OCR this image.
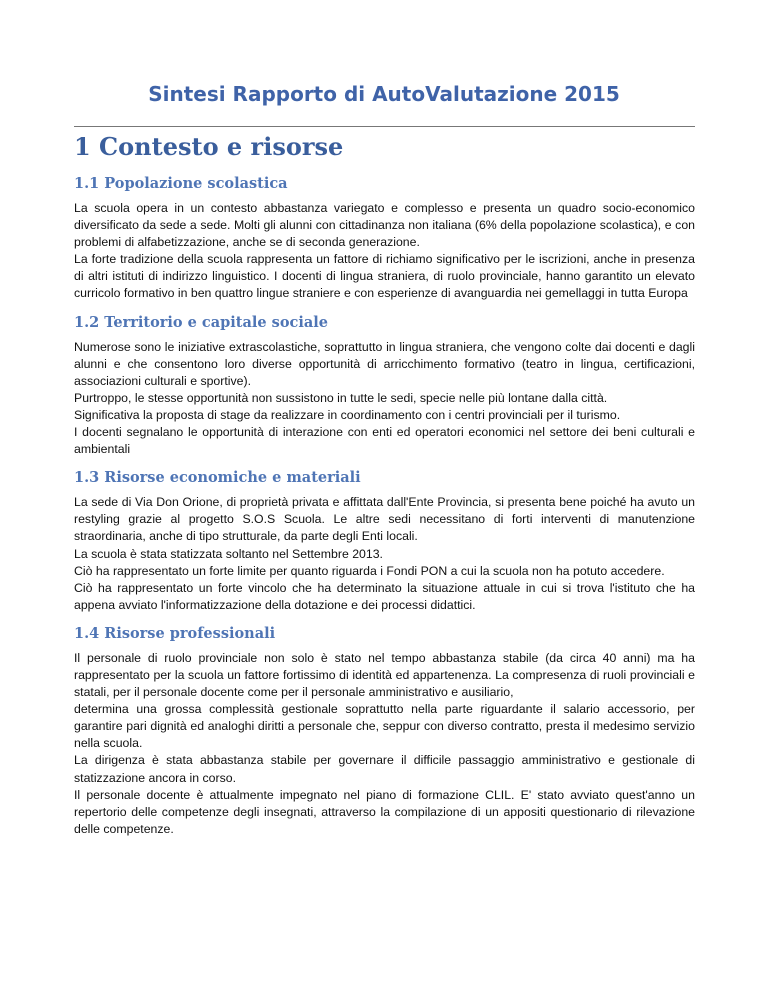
Sintesi Rapporto di AutoValutazione 2015
1 Contesto e risorse
1.1 Popolazione scolastica

La scuola opera in un contesto abbastanza variegato e complesso e presenta un quadro socio-economico diversificato da sede a sede. Molti gli alunni con cittadinanza non italiana (6% della popolazione scolastica), e con problemi di alfabetizzazione, anche se di seconda generazione.

La forte tradizione della scuola rappresenta un fattore di richiamo significativo per le iscrizioni, anche in presenza di altri istituti di indirizzo linguistico. I docenti di lingua straniera, di ruolo provinciale, hanno garantito un elevato curricolo formativo in ben quattro lingue straniere e con esperienze di avanguardia nei gemellaggi in tutta Europa

1.2 Territorio e capitale sociale

Numerose sono le iniziative extrascolastiche, soprattutto in lingua straniera, che vengono colte dai docenti e dagli alunni e che consentono loro diverse opportunità di arricchimento formativo (teatro in lingua, certificazioni, associazioni culturali e sportive).

Purtroppo, le stesse opportunità non sussistono in tutte le sedi, specie nelle più lontane dalla città.

Significativa la proposta di stage da realizzare in coordinamento con i centri provinciali per il turismo.

I docenti segnalano le opportunità di interazione con enti ed operatori economici nel settore dei beni culturali e ambientali

1.3 Risorse economiche e materiali

La sede di Via Don Orione, di proprietà privata e affittata dall'Ente Provincia, si presenta bene poiché ha avuto un restyling grazie al progetto S.O.S Scuola. Le altre sedi necessitano di forti interventi di manutenzione straordinaria, anche di tipo strutturale, da parte degli Enti locali.

La scuola è stata statizzata soltanto nel Settembre 2013.

Ciò ha rappresentato un forte limite per quanto riguarda i Fondi PON a cui la scuola non ha potuto accedere.

Ciò ha rappresentato un forte vincolo che ha determinato la situazione attuale in cui si trova l'istituto che ha appena avviato l'informatizzazione della dotazione e dei processi didattici.

1.4 Risorse professionali

Il personale di ruolo provinciale non solo è stato nel tempo abbastanza stabile (da circa 40 anni) ma ha rappresentato per la scuola un fattore fortissimo di identità ed appartenenza. La compresenza di ruoli provinciali e statali, per il personale docente come per il personale amministrativo e ausiliario,

determina una grossa complessità gestionale soprattutto nella parte riguardante il salario accessorio, per garantire pari dignità ed analoghi diritti a personale che, seppur con diverso contratto, presta il medesimo servizio nella scuola.

La dirigenza è stata abbastanza stabile per governare il difficile passaggio amministrativo e gestionale di statizzazione ancora in corso.

Il personale docente è attualmente impegnato nel piano di formazione CLIL. E' stato avviato quest'anno un repertorio delle competenze degli insegnati, attraverso la compilazione di un appositi questionario di rilevazione delle competenze.
